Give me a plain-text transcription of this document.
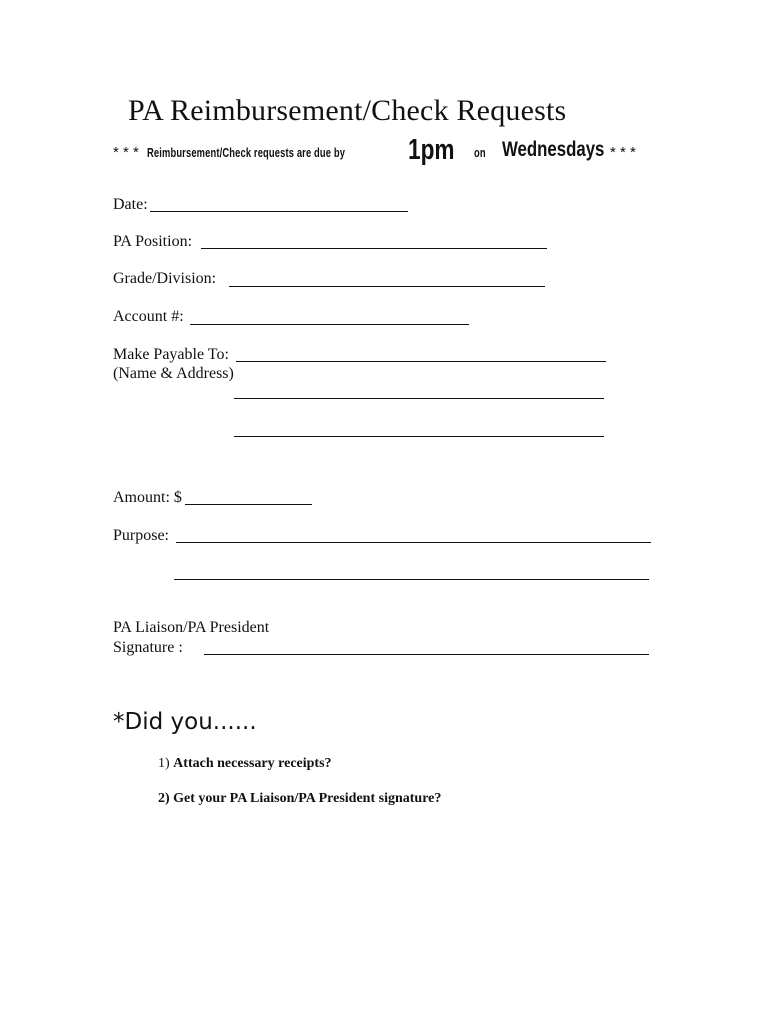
PA Reimbursement/Check Requests
* * * Reimbursement/Check requests are due by 1pm on Wednesdays * * *
Date:
PA Position:
Grade/Division:
Account #:
Make Payable To:
(Name & Address)
Amount: $
Purpose:
PA Liaison/PA President
Signature :
*Did you......
1) Attach necessary receipts?
2) Get your PA Liaison/PA President signature?
